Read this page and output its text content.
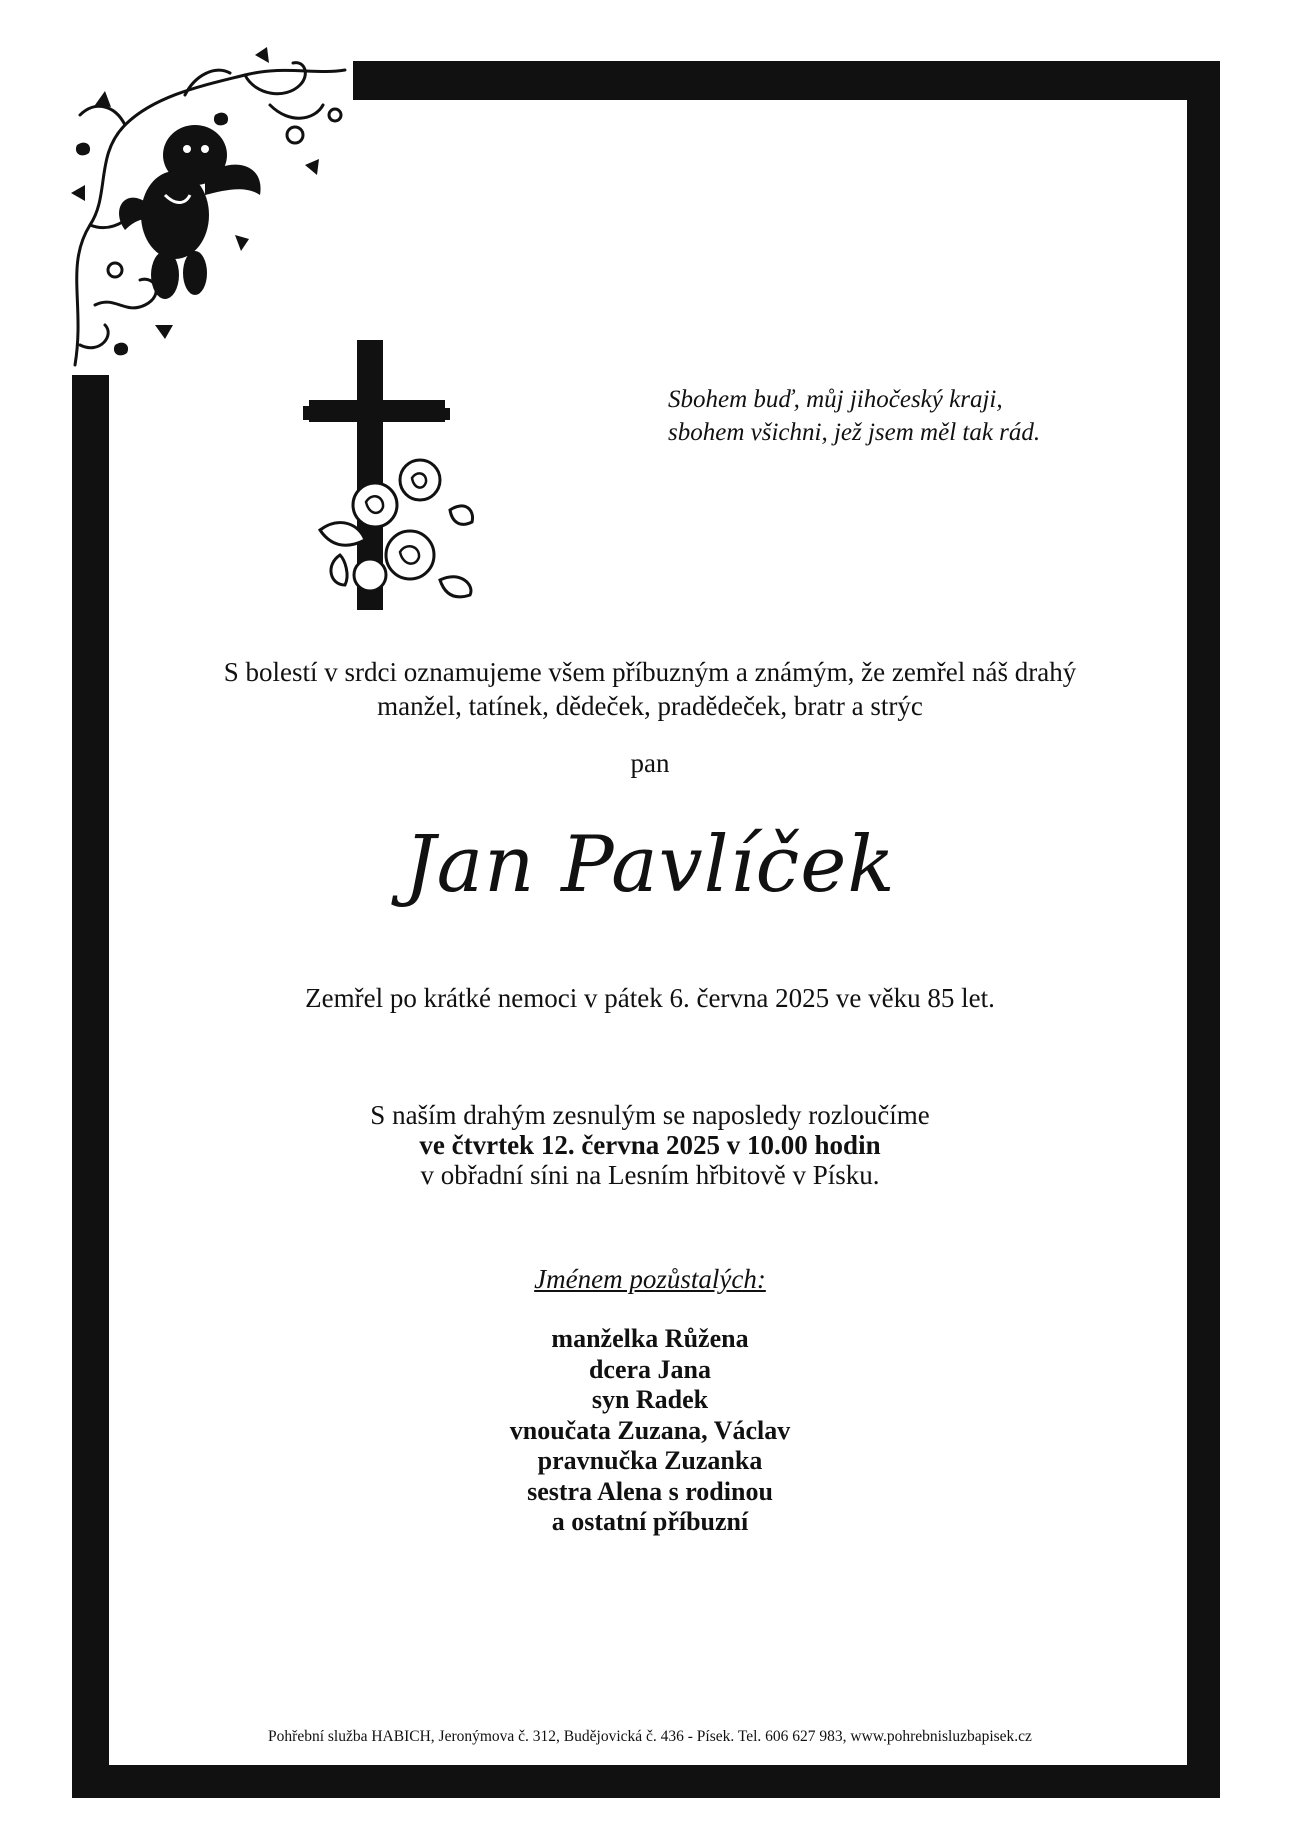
Sbohem buď, můj jihočeský kraji,
sbohem všichni, jež jsem měl tak rád.
S bolestí v srdci oznamujeme všem příbuzným a známým, že zemřel náš drahý
manžel, tatínek, dědeček, pradědeček, bratr a strýc
pan
Jan Pavlíček
Zemřel po krátké nemoci v pátek 6. června 2025 ve věku 85 let.
S naším drahým zesnulým se naposledy rozloučíme
ve čtvrtek 12. června 2025 v 10.00 hodin
v obřadní síni na Lesním hřbitově v Písku.
Jménem pozůstalých:
manželka Růžena
dcera Jana
syn Radek
vnoučata Zuzana, Václav
pravnučka Zuzanka
sestra Alena s rodinou
a ostatní příbuzní
Pohřební služba HABICH, Jeronýmova č. 312, Budějovická č. 436 - Písek. Tel. 606 627 983, www.pohrebnisluzbapisek.cz
